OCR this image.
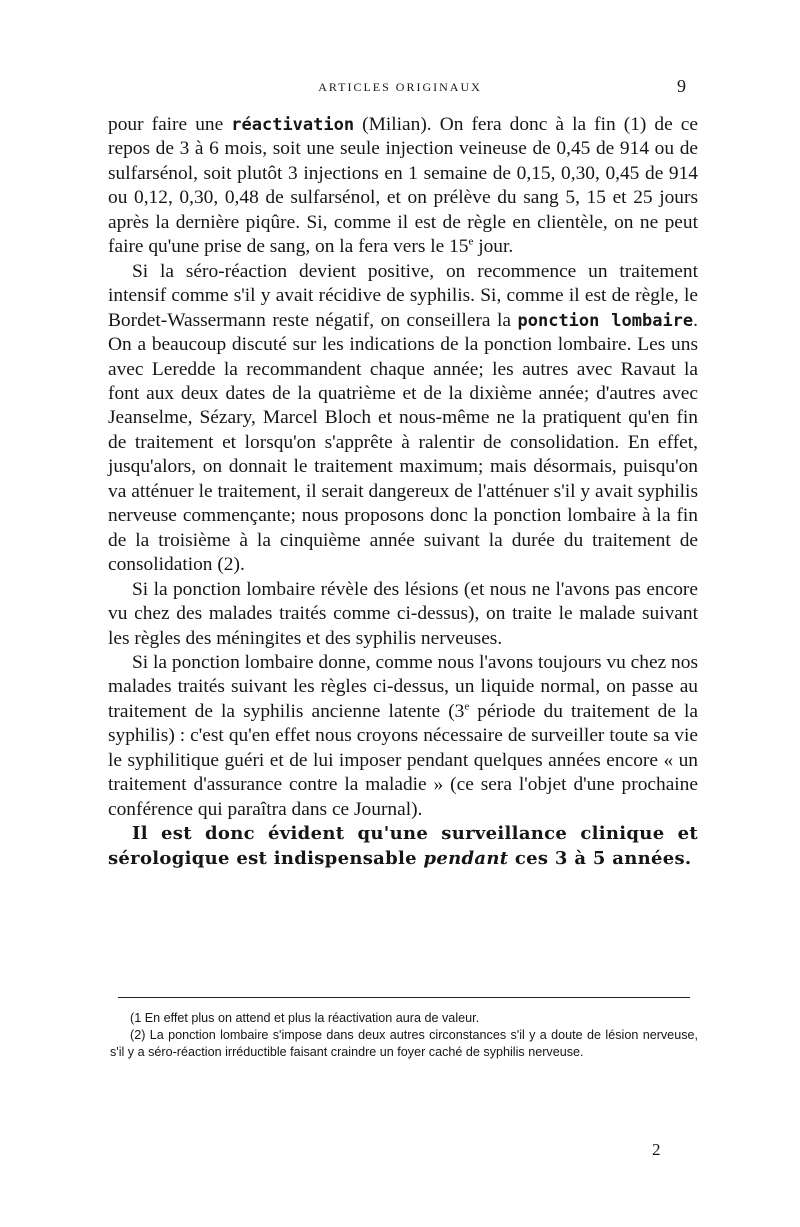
ARTICLES ORIGINAUX	9

pour faire une réactivation (Milian). On fera donc à la fin (1) de ce repos de 3 à 6 mois, soit une seule injection veineuse de 0,45 de 914 ou de sulfarsénol, soit plutôt 3 injections en 1 semaine de 0,15, 0,30, 0,45 de 914 ou 0,12, 0,30, 0,48 de sulfarsénol, et on prélève du sang 5, 15 et 25 jours après la dernière piqûre. Si, comme il est de règle en clientèle, on ne peut faire qu'une prise de sang, on la fera vers le 15e jour.

Si la séro-réaction devient positive, on recommence un traitement intensif comme s'il y avait récidive de syphilis. Si, comme il est de règle, le Bordet-Wassermann reste négatif, on conseillera la ponction lombaire. On a beaucoup discuté sur les indications de la ponction lombaire. Les uns avec Leredde la recommandent chaque année; les autres avec Ravaut la font aux deux dates de la quatrième et de la dixième année; d'autres avec Jeanselme, Sézary, Marcel Bloch et nous-même ne la pratiquent qu'en fin de traitement et lorsqu'on s'apprête à ralentir de consolidation. En effet, jusqu'alors, on donnait le traitement maximum; mais désormais, puisqu'on va atténuer le traitement, il serait dangereux de l'atténuer s'il y avait syphilis nerveuse commençante; nous proposons donc la ponction lombaire à la fin de la troisième à la cinquième année suivant la durée du traitement de consolidation (2).

Si la ponction lombaire révèle des lésions (et nous ne l'avons pas encore vu chez des malades traités comme ci-dessus), on traite le malade suivant les règles des méningites et des syphilis nerveuses.

Si la ponction lombaire donne, comme nous l'avons toujours vu chez nos malades traités suivant les règles ci-dessus, un liquide normal, on passe au traitement de la syphilis ancienne latente (3e période du traitement de la syphilis) : c'est qu'en effet nous croyons nécessaire de surveiller toute sa vie le syphilitique guéri et de lui imposer pendant quelques années encore « un traitement d'assurance contre la maladie » (ce sera l'objet d'une prochaine conférence qui paraîtra dans ce Journal).

Il est donc évident qu'une surveillance clinique et sérologique est indispensable pendant ces 3 à 5 années.

(1 En effet plus on attend et plus la réactivation aura de valeur.

(2) La ponction lombaire s'impose dans deux autres circonstances s'il y a doute de lésion nerveuse, s'il y a séro-réaction irréductible faisant craindre un foyer caché de syphilis nerveuse.

2
